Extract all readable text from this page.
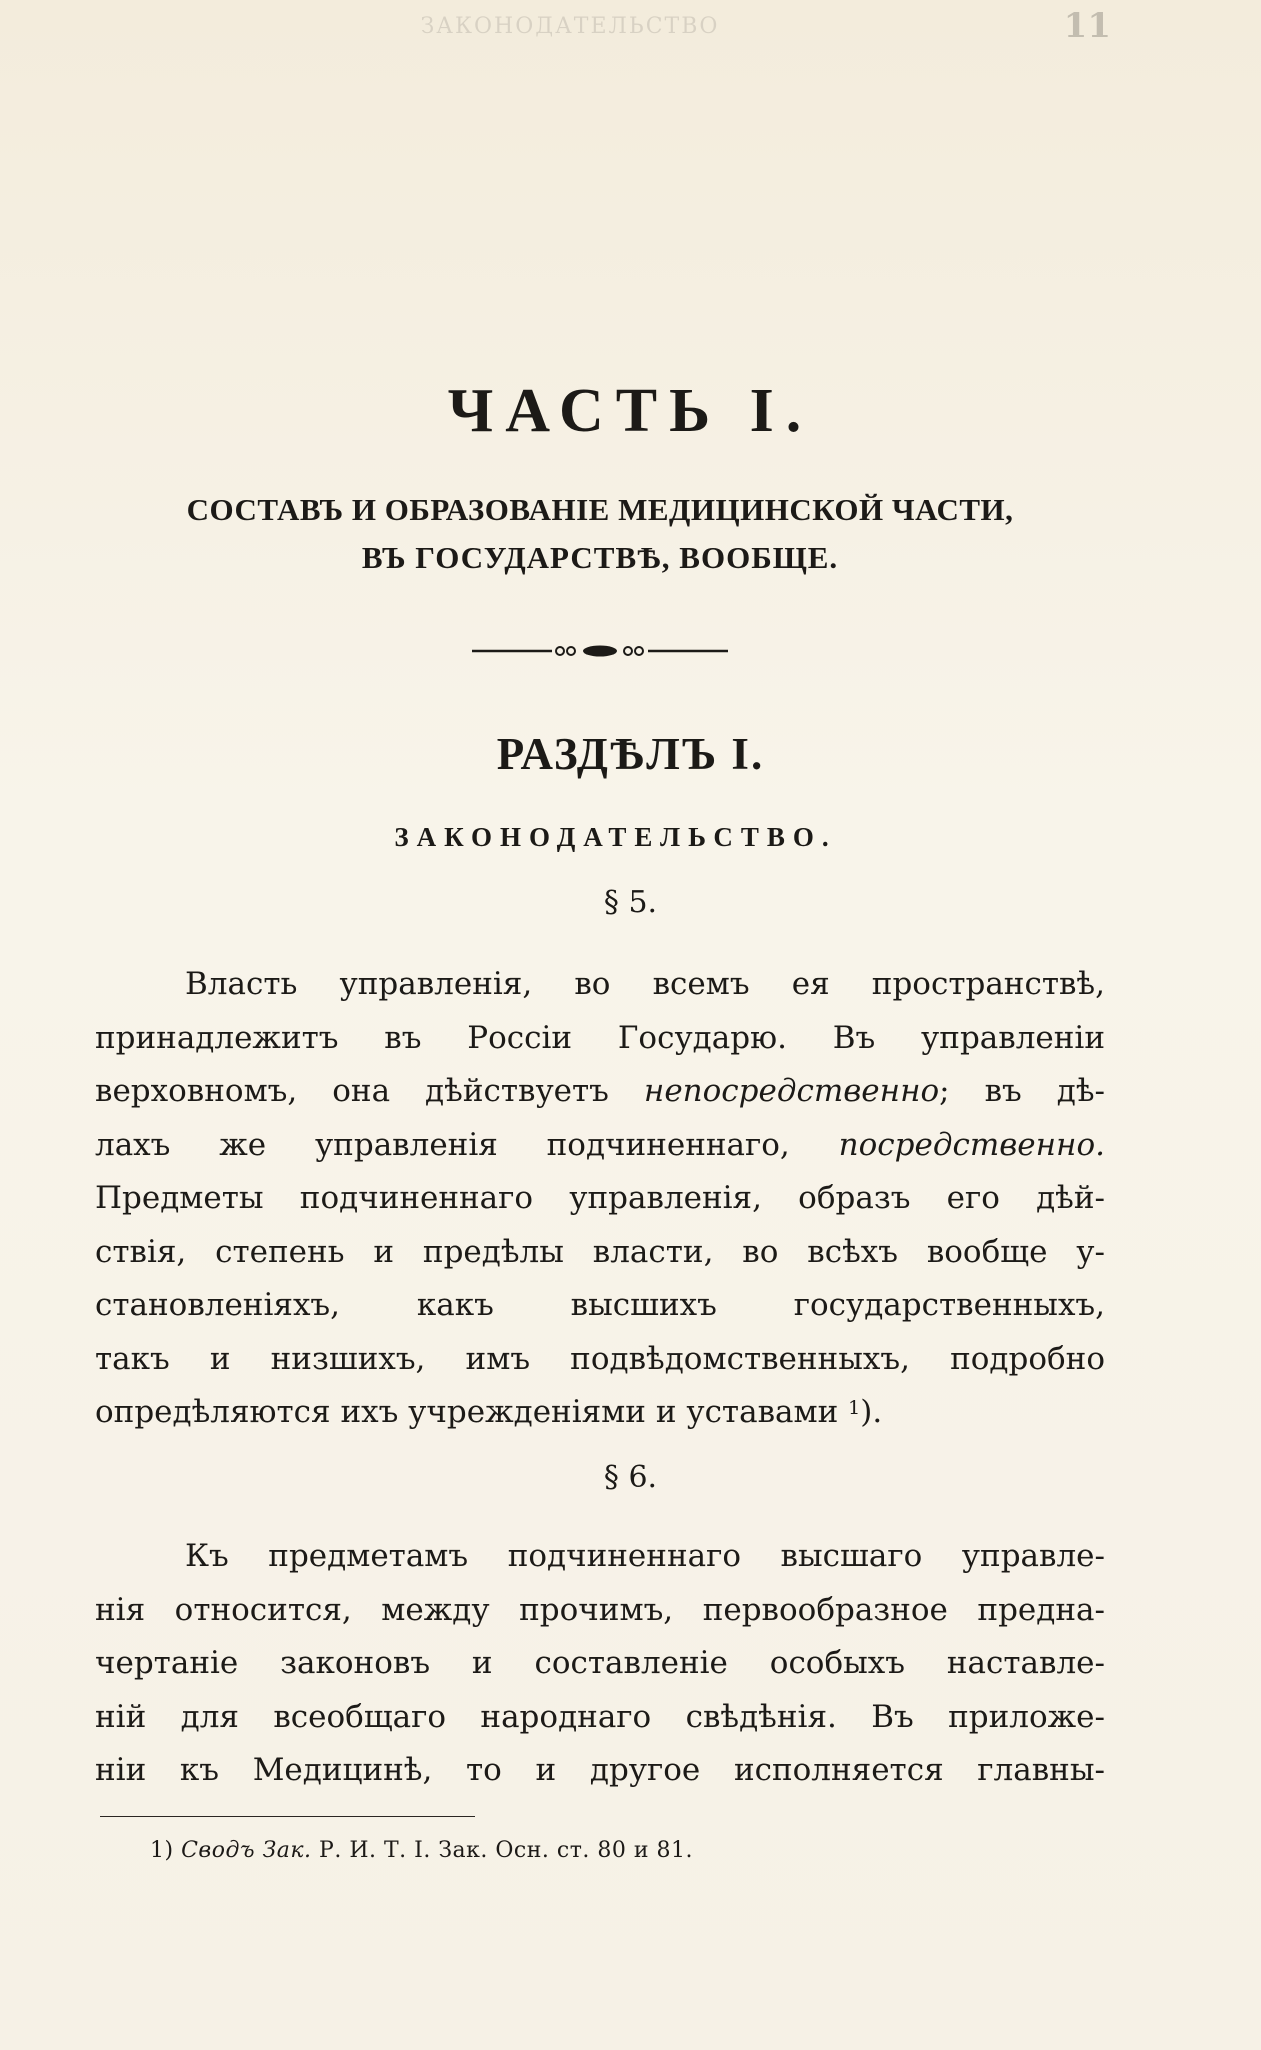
ЗАКОНОДАТЕЛЬСТВО	11
ЧАСТЬ I.
СОСТАВЪ И ОБРАЗОВАНІЕ МЕДИЦИНСКОЙ ЧАСТИ,
ВЪ ГОСУДАРСТВѢ, ВООБЩЕ.
РАЗДѢЛЪ I.
ЗАКОНОДАТЕЛЬСТВО.
§ 5.
Власть управленія, во всемъ ея пространствѣ,
принадлежитъ въ Россіи Государю. Въ управленіи
верховномъ, она дѣйствуетъ непосредственно; въ дѣ-
лахъ же управленія подчиненнаго, посредственно.
Предметы подчиненнаго управленія, образъ его дѣй-
ствія, степень и предѣлы власти, во всѣхъ вообще у-
становленіяхъ, какъ высшихъ государственныхъ,
такъ и низшихъ, имъ подвѣдомственныхъ, подробно
опредѣляются ихъ учрежденіями и уставами $^1$).
§ 6.
Къ предметамъ подчиненнаго высшаго управле-
нія относится, между прочимъ, первообразное предна-
чертаніе законовъ и составленіе особыхъ наставле-
ній для всеобщаго народнаго свѣдѣнія. Въ приложе-
ніи къ Медицинѣ, то и другое исполняется главны-
1) Сводъ Зак. Р. И. Т. I. Зак. Осн. ст. 80 и 81.
